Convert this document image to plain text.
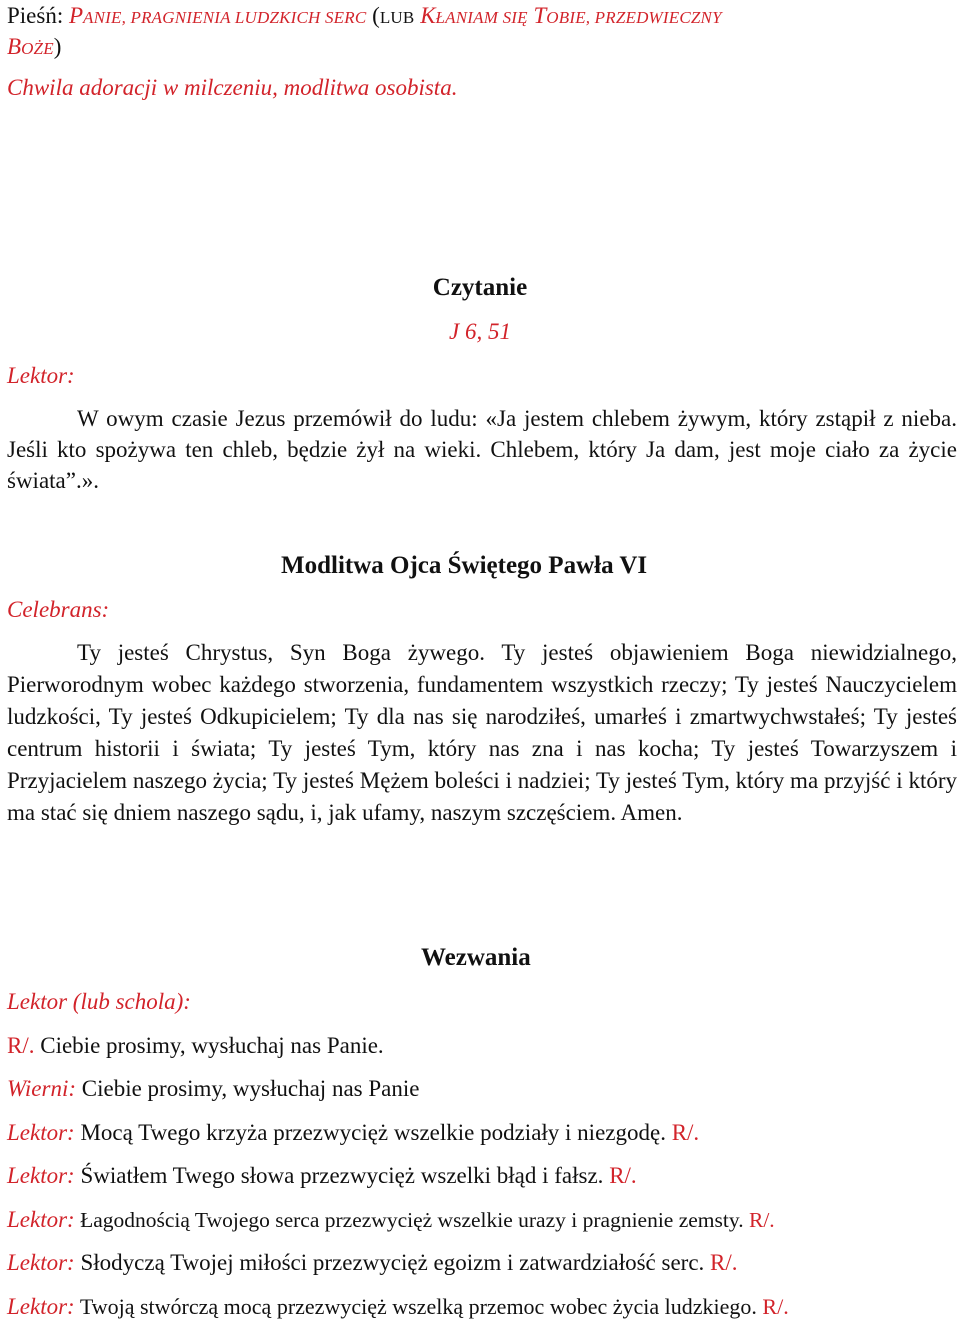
Pieśń: PANIE, PRAGNIENIA LUDZKICH SERC (LUB KŁANIAM SIĘ TOBIE, PRZEDWIECZNY
BOŻE)
Chwila adoracji w milczeniu, modlitwa osobista.
Czytanie
J 6, 51
Lektor:
W owym czasie Jezus przemówił do ludu: «Ja jestem chlebem żywym, który zstąpił z nieba. Jeśli kto spożywa ten chleb, będzie żył na wieki. Chlebem, który Ja dam, jest moje ciało za życie świata”.».
Modlitwa Ojca Świętego Pawła VI
Celebrans:
Ty jesteś Chrystus, Syn Boga żywego. Ty jesteś objawieniem Boga niewidzialnego, Pierworodnym wobec każdego stworzenia, fundamentem wszystkich rzeczy; Ty jesteś Nauczycielem ludzkości, Ty jesteś Odkupicielem; Ty dla nas się narodziłeś, umarłeś i zmartwychwstałeś; Ty jesteś centrum historii i świata; Ty jesteś Tym, który nas zna i nas kocha; Ty jesteś Towarzyszem i Przyjacielem naszego życia; Ty jesteś Mężem boleści i nadziei; Ty jesteś Tym, który ma przyjść i który ma stać się dniem naszego sądu, i, jak ufamy, naszym szczęściem. Amen.
Wezwania
Lektor (lub schola):
R/. Ciebie prosimy, wysłuchaj nas Panie.
Wierni: Ciebie prosimy, wysłuchaj nas Panie
Lektor: Mocą Twego krzyża przezwycięż wszelkie podziały i niezgodę. R/.
Lektor: Światłem Twego słowa przezwycięż wszelki błąd i fałsz. R/.
Lektor: Łagodnością Twojego serca przezwycięż wszelkie urazy i pragnienie zemsty. R/.
Lektor: Słodyczą Twojej miłości przezwycięż egoizm i zatwardziałość serc. R/.
Lektor: Twoją stwórczą mocą przezwycięż wszelką przemoc wobec życia ludzkiego. R/.
